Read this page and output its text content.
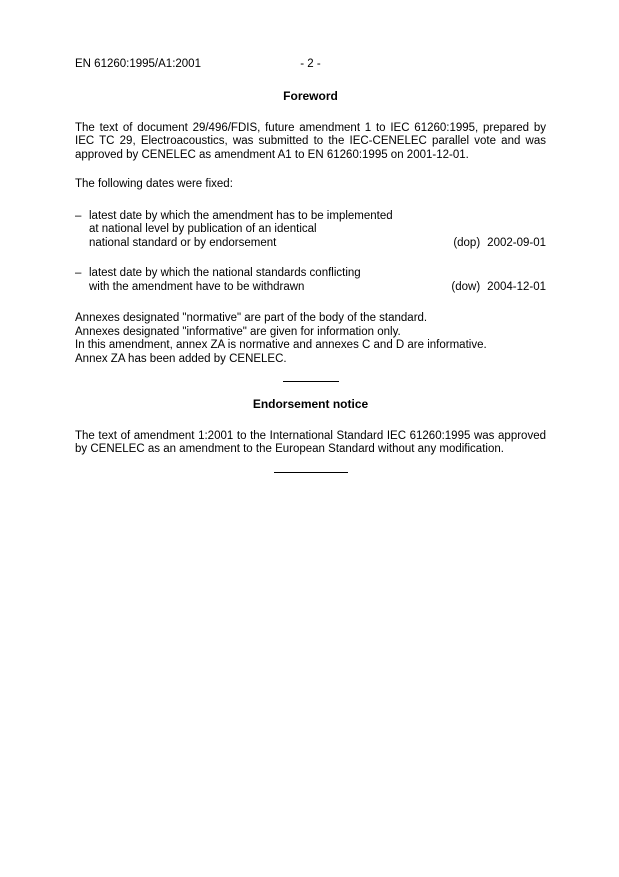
EN 61260:1995/A1:2001	- 2 -
Foreword

The text of document 29/496/FDIS, future amendment 1 to IEC 61260:1995, prepared by IEC TC 29, Electroacoustics, was submitted to the IEC-CENELEC parallel vote and was approved by CENELEC as amendment A1 to EN 61260:1995 on 2001-12-01.

The following dates were fixed:

– latest date by which the amendment has to be implemented
at national level by publication of an identical
national standard or by endorsement	(dop) 2002-09-01
– latest date by which the national standards conflicting
with the amendment have to be withdrawn	(dow) 2004-12-01
Annexes designated "normative" are part of the body of the standard.
Annexes designated "informative" are given for information only.
In this amendment, annex ZA is normative and annexes C and D are informative.
Annex ZA has been added by CENELEC.
Endorsement notice

The text of amendment 1:2001 to the International Standard IEC 61260:1995 was approved by CENELEC as an amendment to the European Standard without any modification.
